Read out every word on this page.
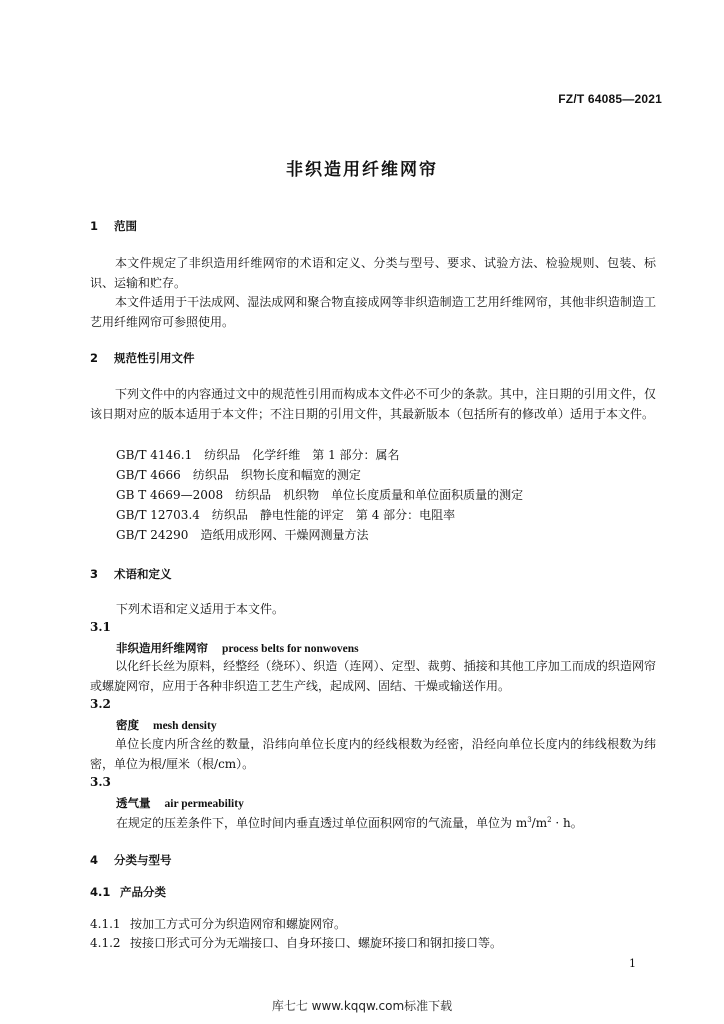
FZ/T 64085—2021
非织造用纤维网帘
1 范围
本文件规定了非织造用纤维网帘的术语和定义、分类与型号、要求、试验方法、检验规则、包装、标识、运输和贮存。
本文件适用于干法成网、湿法成网和聚合物直接成网等非织造制造工艺用纤维网帘，其他非织造制造工艺用纤维网帘可参照使用。
2 规范性引用文件
下列文件中的内容通过文中的规范性引用而构成本文件必不可少的条款。其中，注日期的引用文件，仅该日期对应的版本适用于本文件；不注日期的引用文件，其最新版本（包括所有的修改单）适用于本文件。
GB/T 4146.1 纺织品　化学纤维　第 1 部分：属名
GB/T 4666 纺织品　织物长度和幅宽的测定
GB T 4669—2008 纺织品　机织物　单位长度质量和单位面积质量的测定
GB/T 12703.4 纺织品　静电性能的评定　第 4 部分：电阻率
GB/T 24290 造纸用成形网、干燥网测量方法
3 术语和定义
下列术语和定义适用于本文件。
3.1
非织造用纤维网帘 process belts for nonwovens
以化纤长丝为原料，经整经（绕环）、织造（连网）、定型、裁剪、插接和其他工序加工而成的织造网帘或螺旋网帘，应用于各种非织造工艺生产线，起成网、固结、干燥或输送作用。
3.2
密度 mesh density
单位长度内所含丝的数量，沿纬向单位长度内的经线根数为经密，沿经向单位长度内的纬线根数为纬密，单位为根/厘米（根/cm）。
3.3
透气量 air permeability
在规定的压差条件下，单位时间内垂直透过单位面积网帘的气流量，单位为 $m^3/m^2 \cdot h$。
4 分类与型号
4.1 产品分类
4.1.1 按加工方式可分为织造网帘和螺旋网帘。
4.1.2 按接口形式可分为无端接口、自身环接口、螺旋环接口和钢扣接口等。
1
库七七 www.kqqw.com标准下载
